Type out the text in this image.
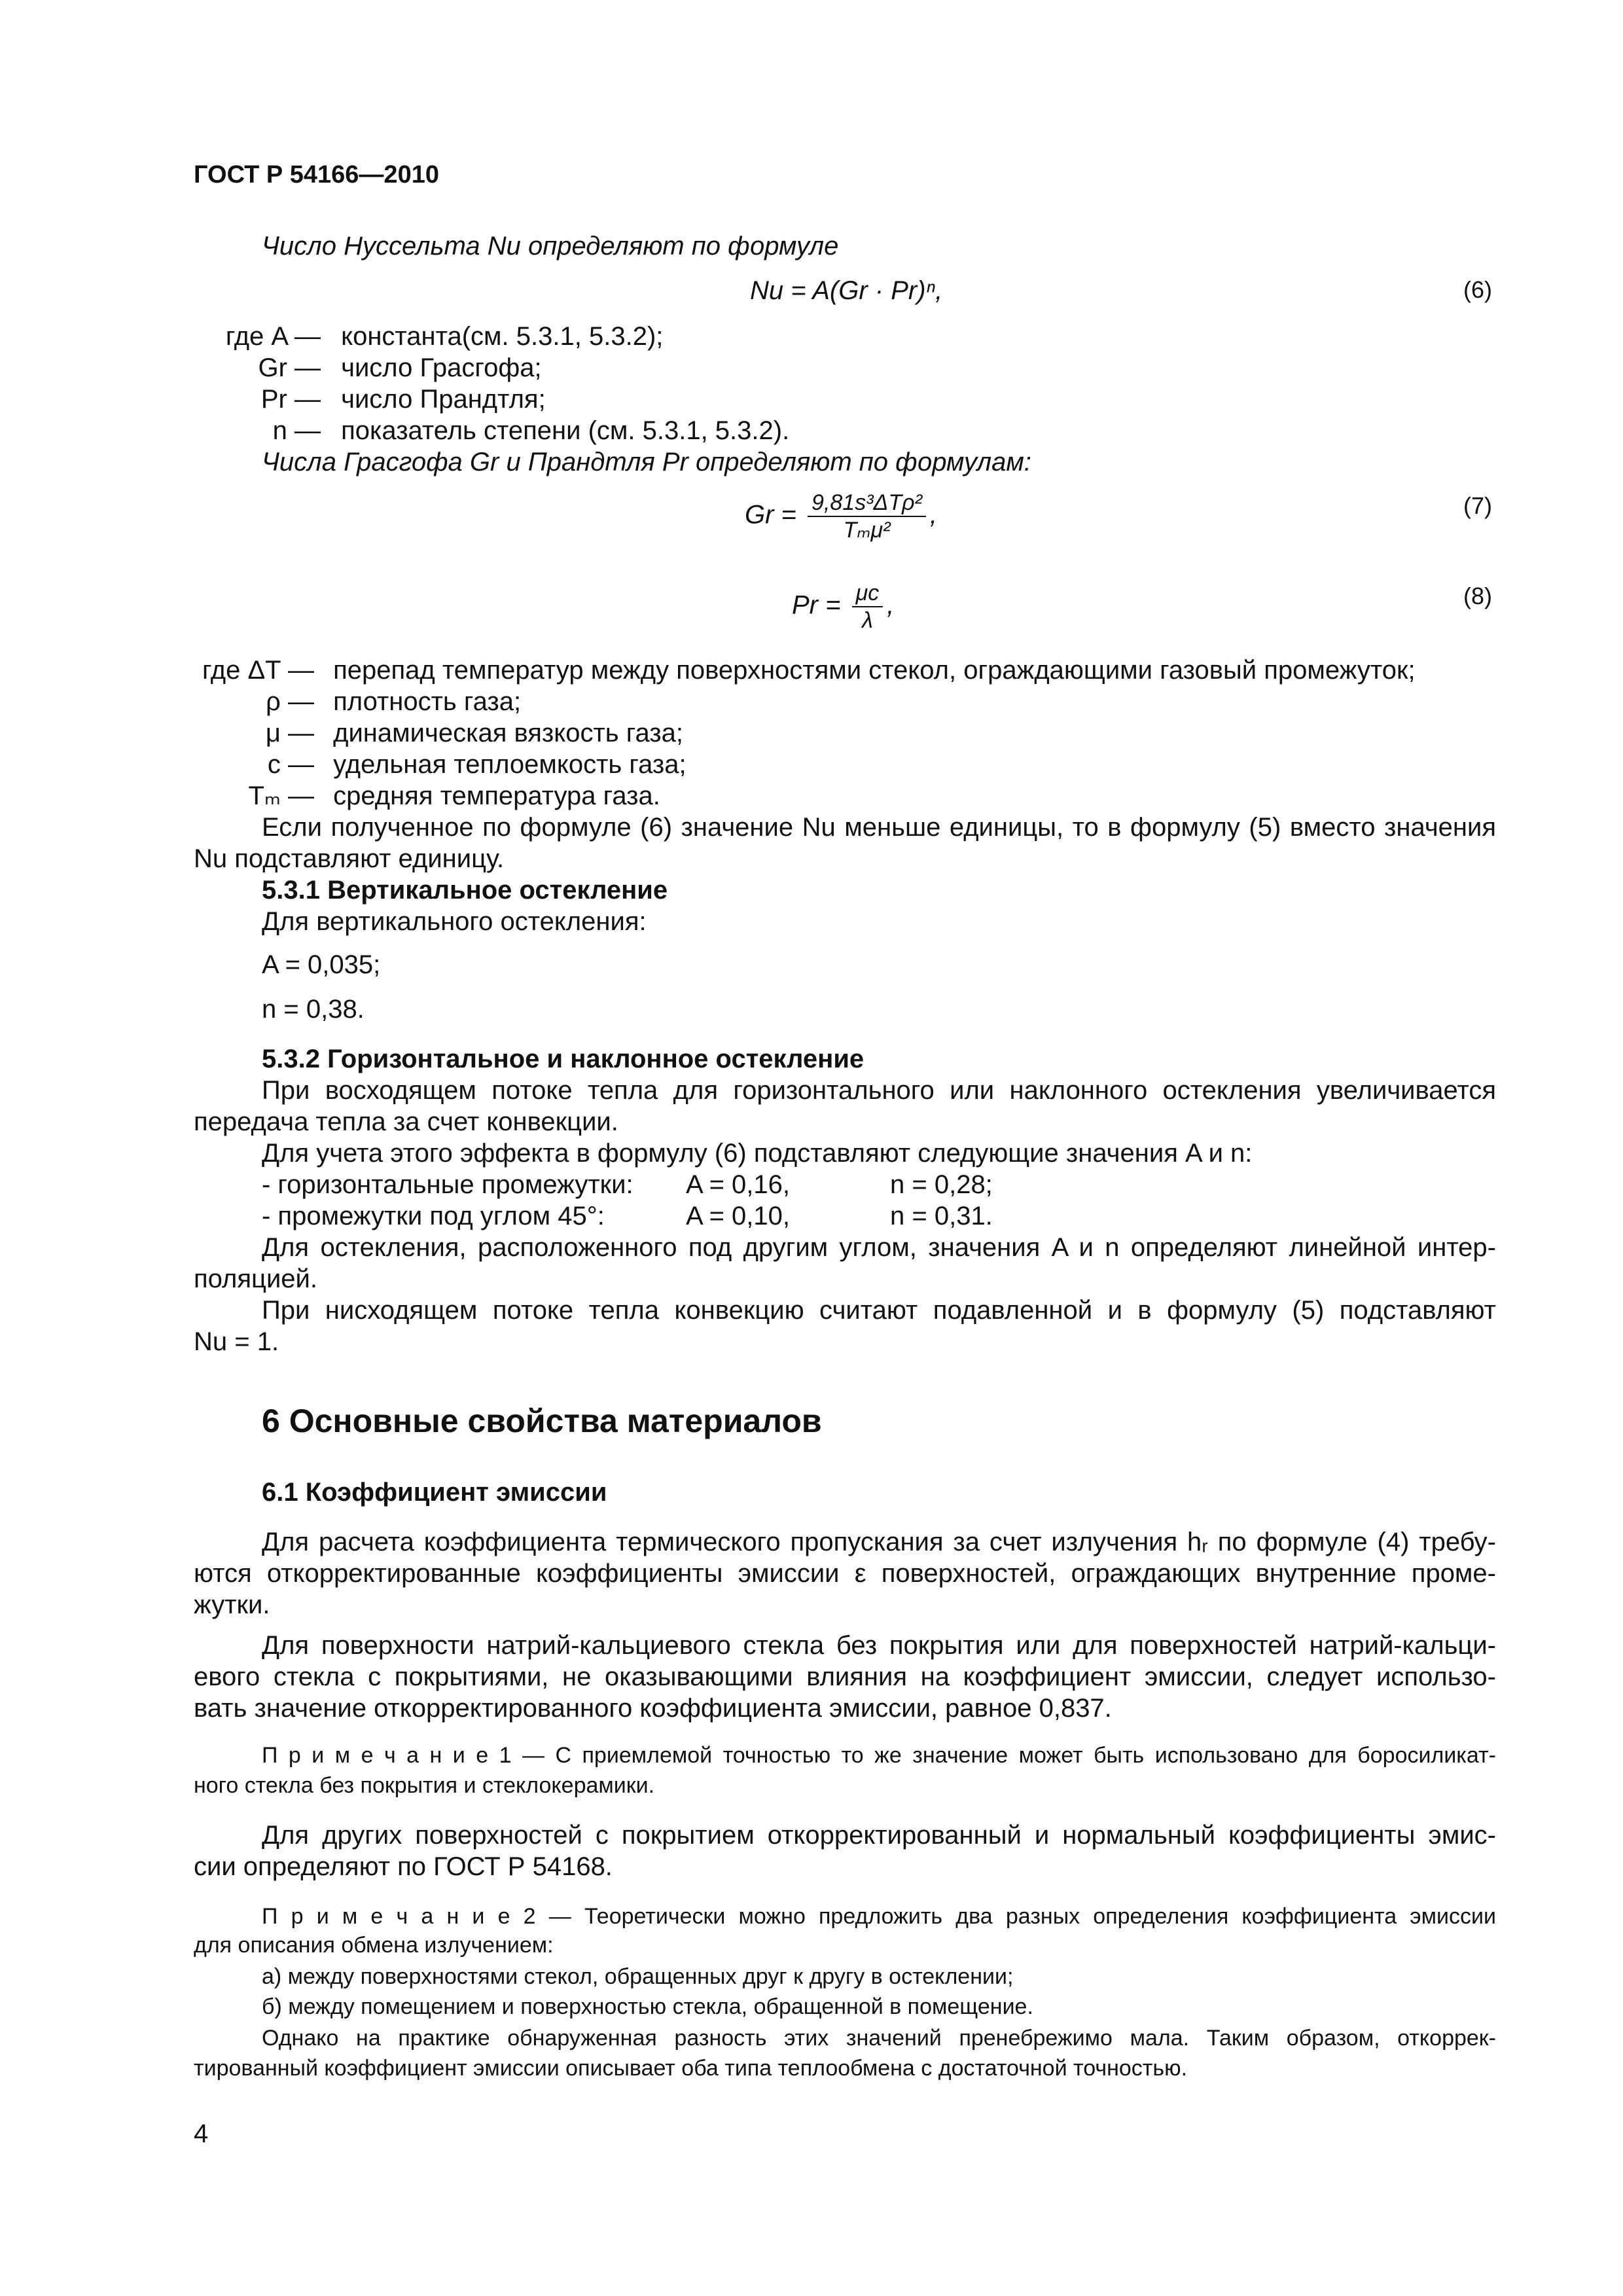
ГОСТ Р 54166—2010
Число Нуссельта Nu определяют по формуле
Nu = A(Gr · Pr)ⁿ,	(6)
где A — константа(см. 5.3.1, 5.3.2);
Gr — число Грасгофа;
Pr — число Прандтля;
n — показатель степени (см. 5.3.1, 5.3.2).
Числа Грасгофа Gr и Прандтля Pr определяют по формулам:
$Gr = \frac{\text{9,81s³ΔTρ²}}{\text{Tₘμ²}}$ ,	(7)
$Pr = \frac{\mu c}{\lambda}$ ,	(8)
где ΔT — перепад температур между поверхностями стекол, ограждающими газовый промежуток;
ρ — плотность газа;
μ — динамическая вязкость газа;
c — удельная теплоемкость газа;
Tₘ — средняя температура газа.
Если полученное по формуле (6) значение Nu меньше единицы, то в формулу (5) вместо значения
Nu подставляют единицу.
5.3.1 Вертикальное остекление
Для вертикального остекления:
A = 0,035;
n = 0,38.
5.3.2 Горизонтальное и наклонное остекление
При восходящем потоке тепла для горизонтального или наклонного остекления увеличивается
передача тепла за счет конвекции.
Для учета этого эффекта в формулу (6) подставляют следующие значения A и n:
- горизонтальные промежутки: A = 0,16,	n = 0,28;
- промежутки под углом 45°:	A = 0,10,	n = 0,31.
Для остекления, расположенного под другим углом, значения A и n определяют линейной интер-
поляцией.
При нисходящем потоке тепла конвекцию считают подавленной и в формулу (5) подставляют
Nu = 1.
6 Основные свойства материалов
6.1 Коэффициент эмиссии
Для расчета коэффициента термического пропускания за счет излучения hᵣ по формуле (4) требу-
ются откорректированные коэффициенты эмиссии ε поверхностей, ограждающих внутренние проме-
жутки.
Для поверхности натрий-кальциевого стекла без покрытия или для поверхностей натрий-кальци-
евого стекла с покрытиями, не оказывающими влияния на коэффициент эмиссии, следует использо-
вать значение откорректированного коэффициента эмиссии, равное 0,837.
П р и м е ч а н и е 1 — С приемлемой точностью то же значение может быть использовано для боросиликат-
ного стекла без покрытия и стеклокерамики.
Для других поверхностей с покрытием откорректированный и нормальный коэффициенты эмис-
сии определяют по ГОСТ Р 54168.
П р и м е ч а н и е 2 — Теоретически можно предложить два разных определения коэффициента эмиссии
для описания обмена излучением:
а) между поверхностями стекол, обращенных друг к другу в остеклении;
б) между помещением и поверхностью стекла, обращенной в помещение.
Однако на практике обнаруженная разность этих значений пренебрежимо мала. Таким образом, откоррек-
тированный коэффициент эмиссии описывает оба типа теплообмена с достаточной точностью.
4
